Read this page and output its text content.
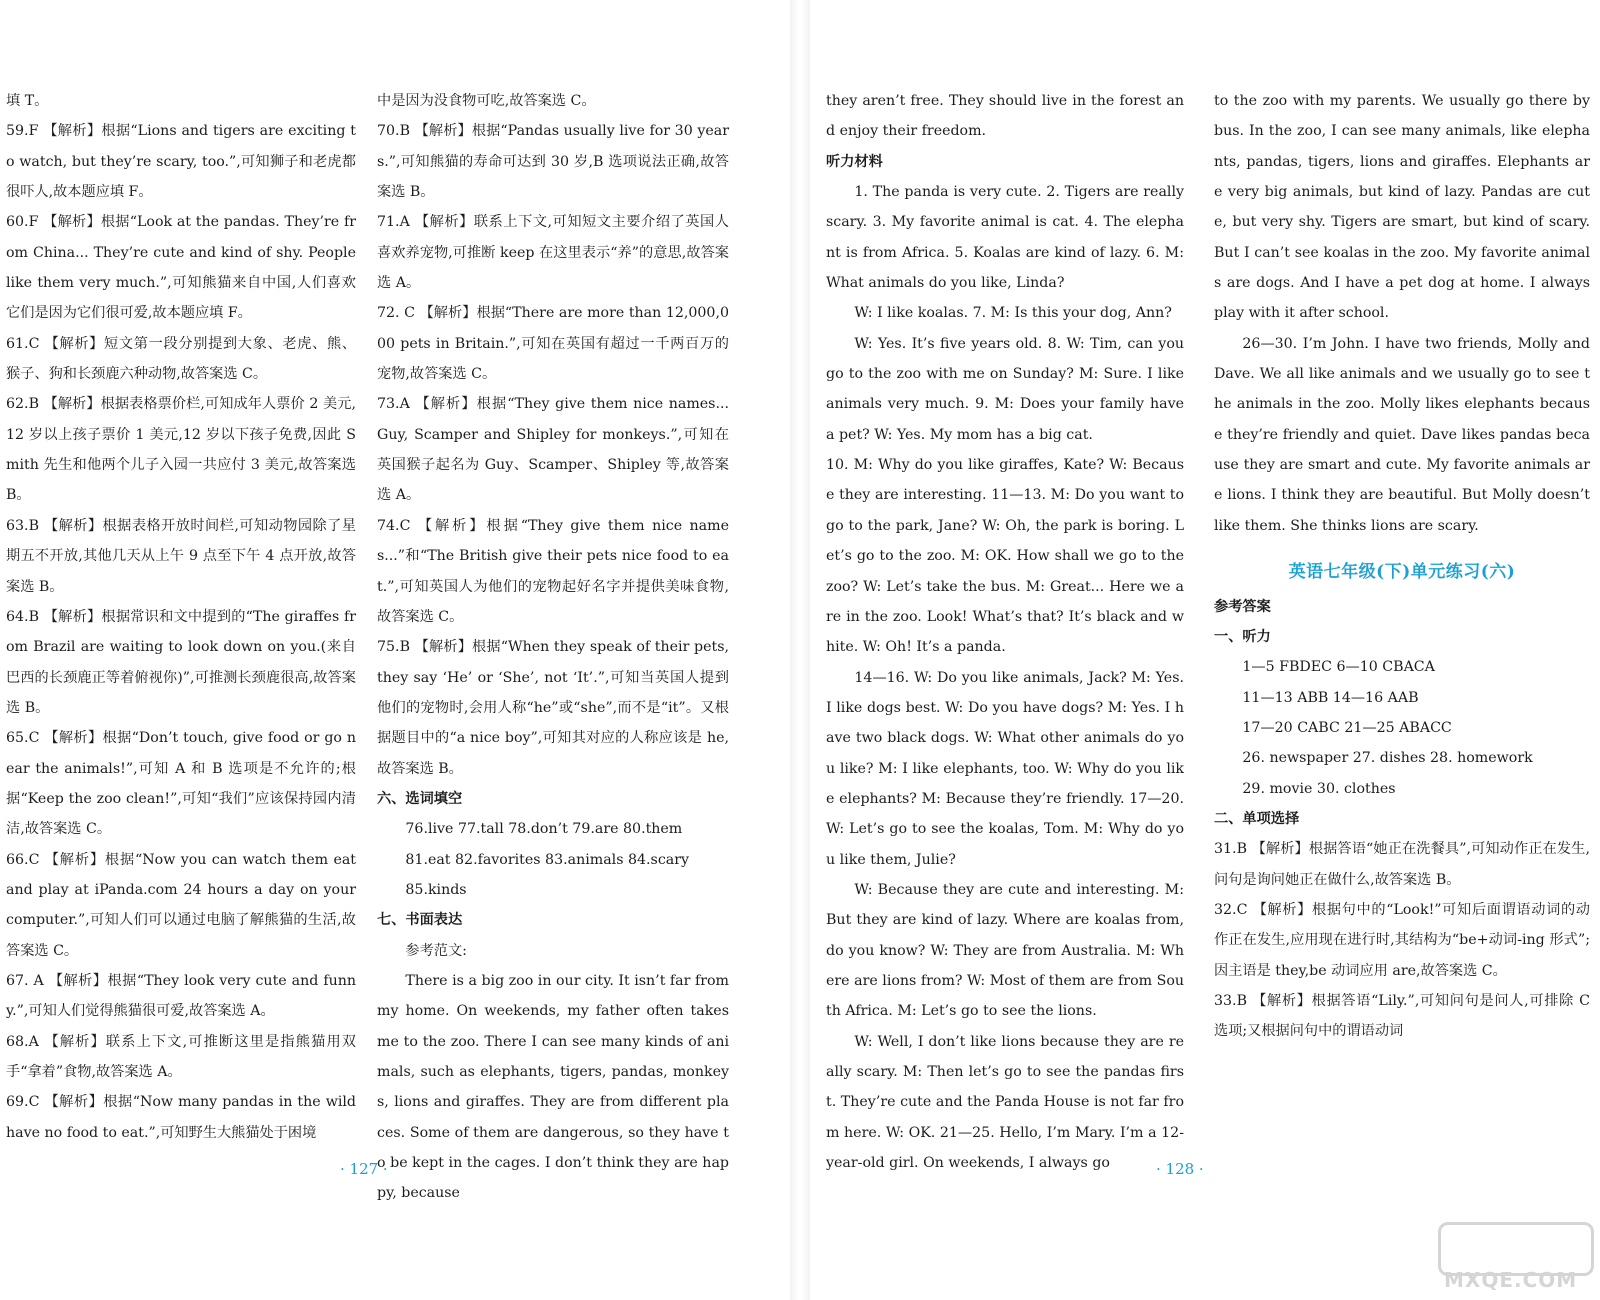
填 T。

59.F 【解析】根据“Lions and tigers are exciting to watch, but they’re scary, too.”,可知狮子和老虎都很吓人,故本题应填 F。

60.F 【解析】根据“Look at the pandas. They’re from China... They’re cute and kind of shy. People like them very much.”,可知熊猫来自中国,人们喜欢它们是因为它们很可爱,故本题应填 F。

61.C 【解析】短文第一段分别提到大象、老虎、熊、猴子、狗和长颈鹿六种动物,故答案选 C。

62.B 【解析】根据表格票价栏,可知成年人票价 2 美元,12 岁以上孩子票价 1 美元,12 岁以下孩子免费,因此 Smith 先生和他两个儿子入园一共应付 3 美元,故答案选 B。

63.B 【解析】根据表格开放时间栏,可知动物园除了星期五不开放,其他几天从上午 9 点至下午 4 点开放,故答案选 B。

64.B 【解析】根据常识和文中提到的“The giraffes from Brazil are waiting to look down on you.(来自巴西的长颈鹿正等着俯视你)”,可推测长颈鹿很高,故答案选 B。

65.C 【解析】根据“Don’t touch, give food or go near the animals!”,可知 A 和 B 选项是不允许的;根据“Keep the zoo clean!”,可知“我们”应该保持园内清洁,故答案选 C。

66.C 【解析】根据“Now you can watch them eat and play at iPanda.com 24 hours a day on your computer.”,可知人们可以通过电脑了解熊猫的生活,故答案选 C。

67. A 【解析】根据“They look very cute and funny.”,可知人们觉得熊猫很可爱,故答案选 A。

68.A 【解析】联系上下文,可推断这里是指熊猫用双手“拿着”食物,故答案选 A。

69.C 【解析】根据“Now many pandas in the wild have no food to eat.”,可知野生大熊猫处于困境

中是因为没食物可吃,故答案选 C。

70.B 【解析】根据“Pandas usually live for 30 years.”,可知熊猫的寿命可达到 30 岁,B 选项说法正确,故答案选 B。

71.A 【解析】联系上下文,可知短文主要介绍了英国人喜欢养宠物,可推断 keep 在这里表示“养”的意思,故答案选 A。

72. C 【解析】根据“There are more than 12,000,000 pets in Britain.”,可知在英国有超过一千两百万的宠物,故答案选 C。

73.A 【解析】根据“They give them nice names... Guy, Scamper and Shipley for monkeys.”,可知在英国猴子起名为 Guy、Scamper、Shipley 等,故答案选 A。

74.C 【解析】根据“They give them nice names...”和“The British give their pets nice food to eat.”,可知英国人为他们的宠物起好名字并提供美味食物,故答案选 C。

75.B 【解析】根据“When they speak of their pets, they say ‘He’ or ‘She’, not ‘It’.”,可知当英国人提到他们的宠物时,会用人称“he”或“she”,而不是“it”。又根据题目中的“a nice boy”,可知其对应的人称应该是 he,故答案选 B。

六、选词填空

76.live 77.tall 78.don’t 79.are 80.them

81.eat 82.favorites 83.animals 84.scary

85.kinds

七、书面表达

参考范文:

There is a big zoo in our city. It isn’t far from my home. On weekends, my father often takes me to the zoo. There I can see many kinds of animals, such as elephants, tigers, pandas, monkeys, lions and giraffes. They are from different places. Some of them are dangerous, so they have to be kept in the cages. I don’t think they are happy, because

· 127 ·

they aren’t free. They should live in the forest and enjoy their freedom.

听力材料

1. The panda is very cute. 2. Tigers are really scary. 3. My favorite animal is cat. 4. The elephant is from Africa. 5. Koalas are kind of lazy. 6. M: What animals do you like, Linda?

W: I like koalas. 7. M: Is this your dog, Ann?

W: Yes. It’s five years old. 8. W: Tim, can you go to the zoo with me on Sunday? M: Sure. I like animals very much. 9. M: Does your family have a pet? W: Yes. My mom has a big cat.

10. M: Why do you like giraffes, Kate? W: Because they are interesting. 11—13. M: Do you want to go to the park, Jane? W: Oh, the park is boring. Let’s go to the zoo. M: OK. How shall we go to the zoo? W: Let’s take the bus. M: Great... Here we are in the zoo. Look! What’s that? It’s black and white. W: Oh! It’s a panda.

14—16. W: Do you like animals, Jack? M: Yes. I like dogs best. W: Do you have dogs? M: Yes. I have two black dogs. W: What other animals do you like? M: I like elephants, too. W: Why do you like elephants? M: Because they’re friendly. 17—20. W: Let’s go to see the koalas, Tom. M: Why do you like them, Julie?

W: Because they are cute and interesting. M: But they are kind of lazy. Where are koalas from, do you know? W: They are from Australia. M: Where are lions from? W: Most of them are from South Africa. M: Let’s go to see the lions.

W: Well, I don’t like lions because they are really scary. M: Then let’s go to see the pandas first. They’re cute and the Panda House is not far from here. W: OK. 21—25. Hello, I’m Mary. I’m a 12-year-old girl. On weekends, I always go

to the zoo with my parents. We usually go there by bus. In the zoo, I can see many animals, like elephants, pandas, tigers, lions and giraffes. Elephants are very big animals, but kind of lazy. Pandas are cute, but very shy. Tigers are smart, but kind of scary. But I can’t see koalas in the zoo. My favorite animals are dogs. And I have a pet dog at home. I always play with it after school.

26—30. I’m John. I have two friends, Molly and Dave. We all like animals and we usually go to see the animals in the zoo. Molly likes elephants because they’re friendly and quiet. Dave likes pandas because they are smart and cute. My favorite animals are lions. I think they are beautiful. But Molly doesn’t like them. She thinks lions are scary.

英语七年级(下)单元练习(六)

参考答案

一、听力

1—5 FBDEC 6—10 CBACA

11—13 ABB 14—16 AAB

17—20 CABC 21—25 ABACC

26. newspaper 27. dishes 28. homework

29. movie 30. clothes

二、单项选择

31.B 【解析】根据答语“她正在洗餐具”,可知动作正在发生,问句是询问她正在做什么,故答案选 B。

32.C 【解析】根据句中的“Look!”可知后面谓语动词的动作正在发生,应用现在进行时,其结构为“be+动词-ing 形式”;因主语是 they,be 动词应用 are,故答案选 C。

33.B 【解析】根据答语“Lily.”,可知问句是问人,可排除 C 选项;又根据问句中的谓语动词

· 128 ·
MXQE.COM
